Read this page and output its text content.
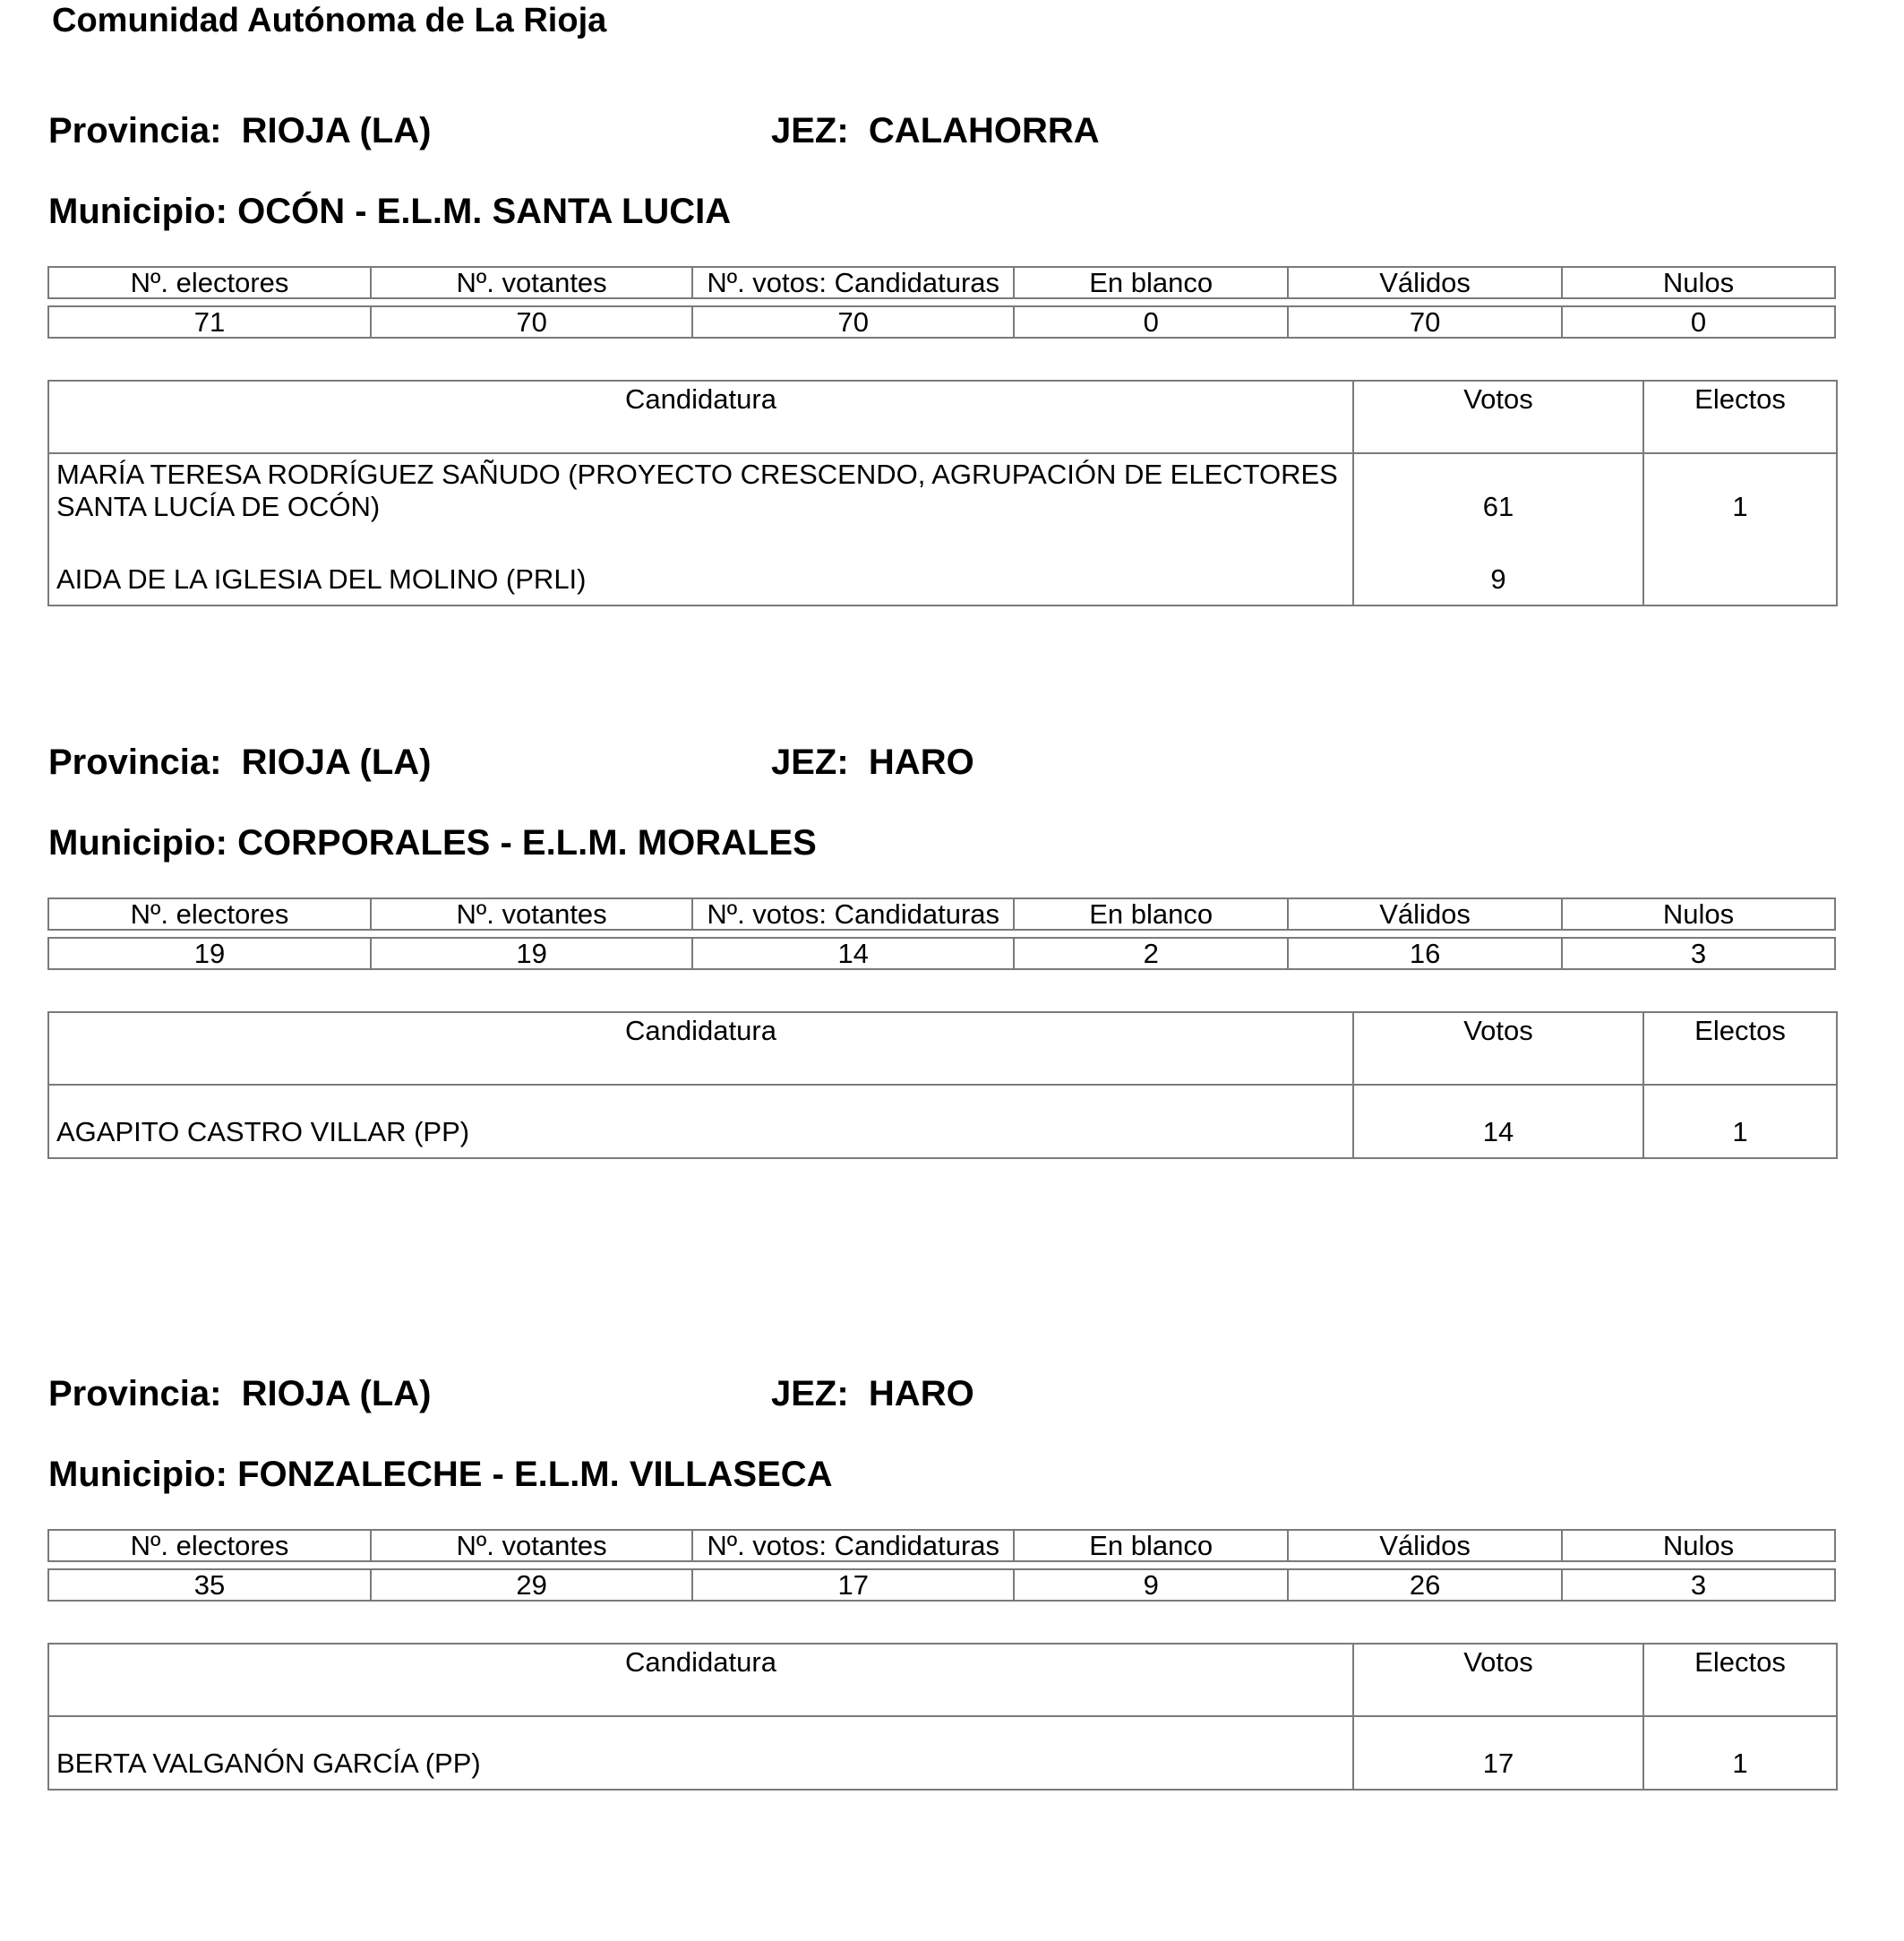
Comunidad Autónoma de La Rioja
Provincia: RIOJA (LA)	JEZ: CALAHORRA
Municipio: OCÓN - E.L.M. SANTA LUCIA
Nº. electores	Nº. votantes	Nº. votos: Candidaturas	En blanco	Válidos	Nulos

71	70	70	0	70	0
Candidatura	Votos	Electos
MARÍA TERESA RODRÍGUEZ SAÑUDO (PROYECTO CRESCENDO, AGRUPACIÓN DE ELECTORES SANTA LUCÍA DE OCÓN)	61	1
AIDA DE LA IGLESIA DEL MOLINO (PRLI)	9	
Provincia: RIOJA (LA)	JEZ: HARO
Municipio: CORPORALES - E.L.M. MORALES
Nº. electores	Nº. votantes	Nº. votos: Candidaturas	En blanco	Válidos	Nulos

19	19	14	2	16	3
Candidatura	Votos	Electos
AGAPITO CASTRO VILLAR (PP)	14	1
Provincia: RIOJA (LA)	JEZ: HARO
Municipio: FONZALECHE - E.L.M. VILLASECA
Nº. electores	Nº. votantes	Nº. votos: Candidaturas	En blanco	Válidos	Nulos

35	29	17	9	26	3
Candidatura	Votos	Electos
BERTA VALGANÓN GARCÍA (PP)	17	1
